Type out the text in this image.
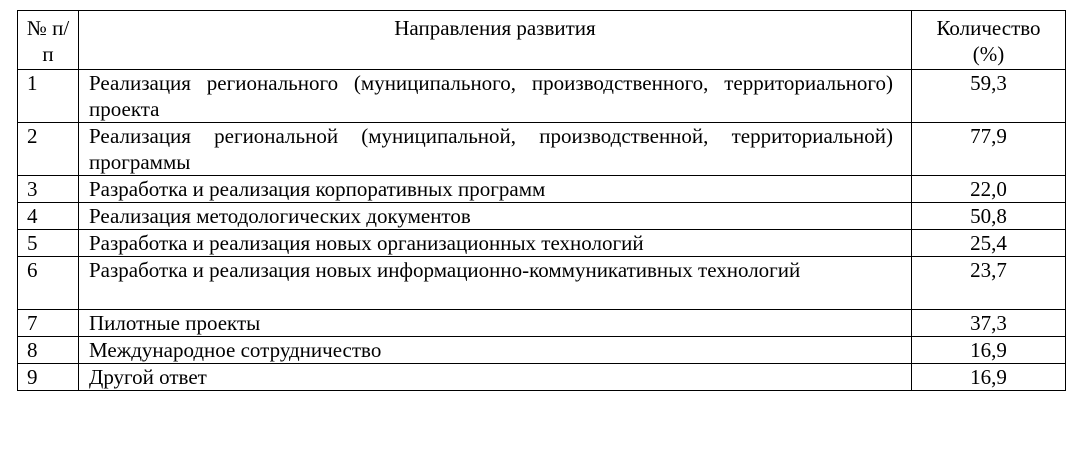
№ п/п	Направления развития	Количество (%)
1	Реализация регионального (муниципального, производственного, территориального) проекта	59,3
2	Реализация региональной (муниципальной, производственной, территориальной) программы	77,9
3	Разработка и реализация корпоративных программ	22,0
4	Реализация методологических документов	50,8
5	Разработка и реализация новых организационных технологий	25,4
6	Разработка и реализация новых информационно-коммуникативных технологий	23,7
7	Пилотные проекты	37,3
8	Международное сотрудничество	16,9
9	Другой ответ	16,9
